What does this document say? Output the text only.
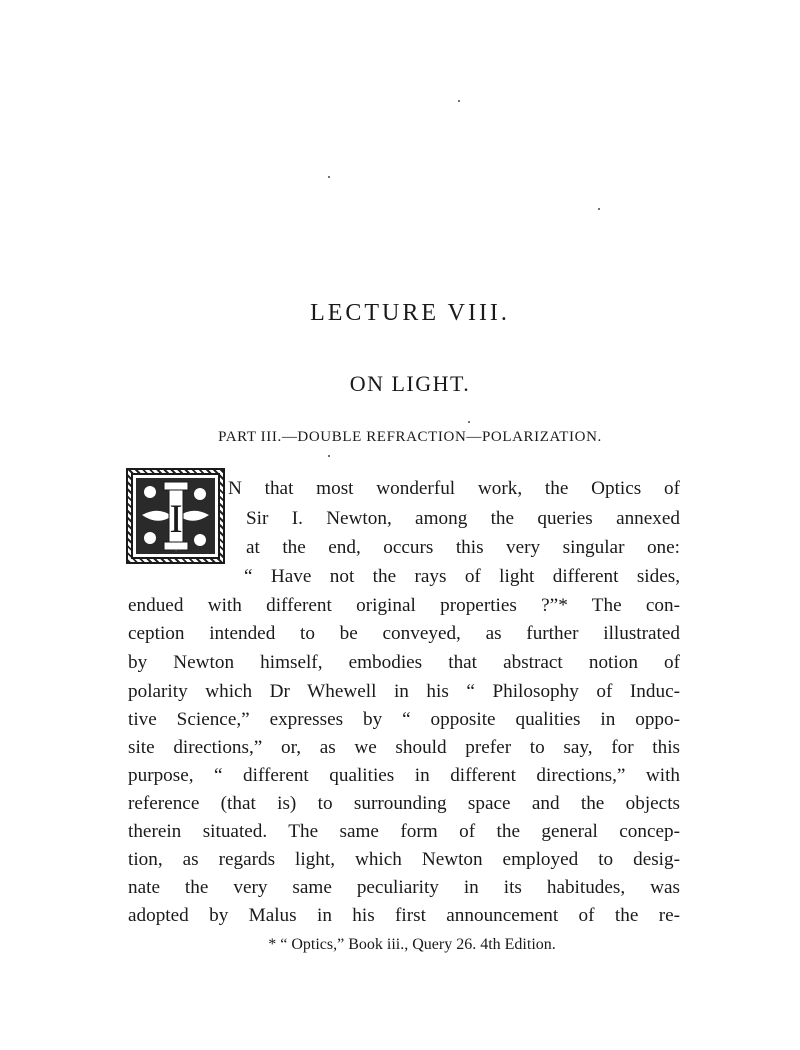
LECTURE VIII.
ON LIGHT.
PART III.—DOUBLE REFRACTION—POLARIZATION.
I
N that most wonderful work, the Optics of
Sir I. Newton, among the queries annexed
at the end, occurs this very singular one:
“ Have not the rays of light different sides,
endued with different original properties ?”* The con-
ception intended to be conveyed, as further illustrated
by Newton himself, embodies that abstract notion of
polarity which Dr Whewell in his “ Philosophy of Induc-
tive Science,” expresses by “ opposite qualities in oppo-
site directions,” or, as we should prefer to say, for this
purpose, “ different qualities in different directions,” with
reference (that is) to surrounding space and the objects
therein situated. The same form of the general concep-
tion, as regards light, which Newton employed to desig-
nate the very same peculiarity in its habitudes, was
adopted by Malus in his first announcement of the re-
* “ Optics,” Book iii., Query 26. 4th Edition.
